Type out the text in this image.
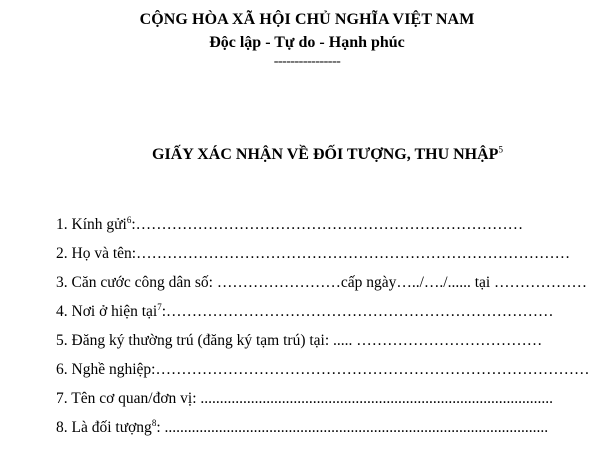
CỘNG HÒA XÃ HỘI CHỦ NGHĨA VIỆT NAM
Độc lập - Tự do - Hạnh phúc
----------------
GIẤY XÁC NHẬN VỀ ĐỐI TƯỢNG, THU NHẬP$^5$
1. Kính gửi$^6$:…………………………………………………………………
2. Họ và tên:…………………………………………………………………………
3. Căn cước công dân số: ……………………cấp ngày…../…./...... tại ………………
4. Nơi ở hiện tại$^7$:…………………………………………………………………
5. Đăng ký thường trú (đăng ký tạm trú) tại: ..... ………………………………
6. Nghề nghiệp:…………………………………………………………………………
7. Tên cơ quan/đơn vị: ...........................................................................................
8. Là đối tượng$^8$: ...................................................................................................
